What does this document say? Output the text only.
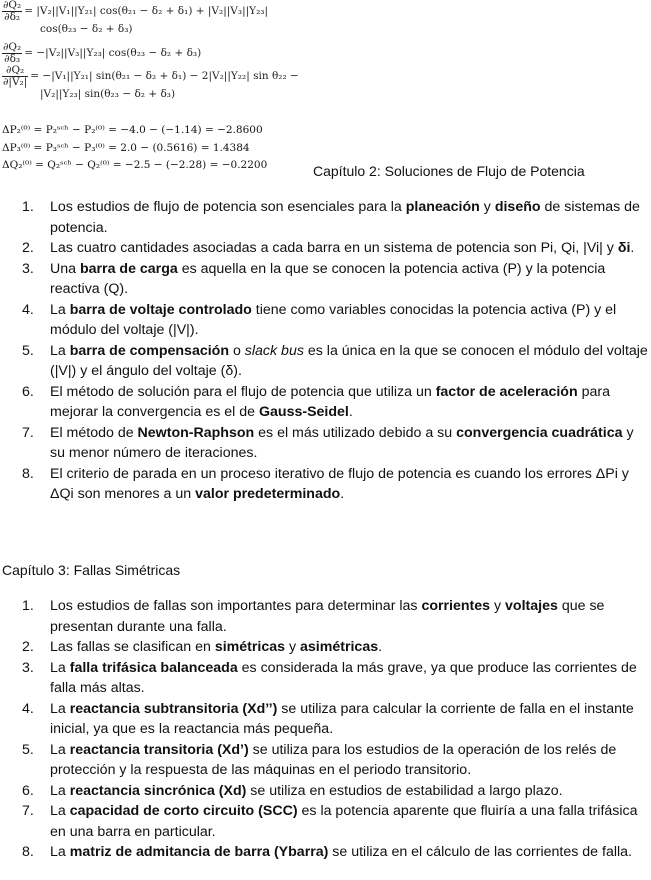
$\frac{\text{∂Q₂}}{\text{∂δ₂}} = |V_2||V_1||Y_{21}|$ cos(θ₂₁ − δ₂ + δ₁) + |V₂||V₃||Y₂₃|
cos(θ₂₃ − δ₂ + δ₃)
$\frac{\text{∂Q₂}}{\text{∂δ₃}} = -|V_2||V_3||Y_{23}|$ cos(θ₂₃ − δ₂ + δ₃)
$\frac{\text{∂Q₂}}{\text{∂|V₂|}} = -|V_1||Y_{21}|$ sin(θ₂₁ − δ₂ + δ₁) − 2|V₂||Y₂₂| sin θ₂₂ −
|V₂||Y₂₃| sin(θ₂₃ − δ₂ + δ₃)
ΔP₂⁽⁰⁾ = P₂ˢᶜʰ − P₂⁽⁰⁾ = −4.0 − (−1.14) = −2.8600
ΔP₃⁽⁰⁾ = P₃ˢᶜʰ − P₃⁽⁰⁾ = 2.0 − (0.5616) = 1.4384
ΔQ₂⁽⁰⁾ = Q₂ˢᶜʰ − Q₂⁽⁰⁾ = −2.5 − (−2.28) = −0.2200	Capítulo 2: Soluciones de Flujo de Potencia
1.	Los estudios de flujo de potencia son esenciales para la planeación y diseño de sistemas de potencia.
2.	Las cuatro cantidades asociadas a cada barra en un sistema de potencia son Pi, Qi, |Vi| y δi.
3.	Una barra de carga es aquella en la que se conocen la potencia activa (P) y la potencia reactiva (Q).
4.	La barra de voltaje controlado tiene como variables conocidas la potencia activa (P) y el módulo del voltaje (|V|).
5.	La barra de compensación o slack bus es la única en la que se conocen el módulo del voltaje (|V|) y el ángulo del voltaje (δ).
6.	El método de solución para el flujo de potencia que utiliza un factor de aceleración para mejorar la convergencia es el de Gauss-Seidel.
7.	El método de Newton-Raphson es el más utilizado debido a su convergencia cuadrática y su menor número de iteraciones.
8.	El criterio de parada en un proceso iterativo de flujo de potencia es cuando los errores ΔPi y ΔQi son menores a un valor predeterminado.
Capítulo 3: Fallas Simétricas
1.	Los estudios de fallas son importantes para determinar las corrientes y voltajes que se presentan durante una falla.
2.	Las fallas se clasifican en simétricas y asimétricas.
3.	La falla trifásica balanceada es considerada la más grave, ya que produce las corrientes de falla más altas.
4.	La reactancia subtransitoria (Xd’’) se utiliza para calcular la corriente de falla en el instante inicial, ya que es la reactancia más pequeña.
5.	La reactancia transitoria (Xd’) se utiliza para los estudios de la operación de los relés de protección y la respuesta de las máquinas en el periodo transitorio.
6.	La reactancia sincrónica (Xd) se utiliza en estudios de estabilidad a largo plazo.
7.	La capacidad de corto circuito (SCC) es la potencia aparente que fluiría a una falla trifásica en una barra en particular.
8.	La matriz de admitancia de barra (Ybarra) se utiliza en el cálculo de las corrientes de falla.
